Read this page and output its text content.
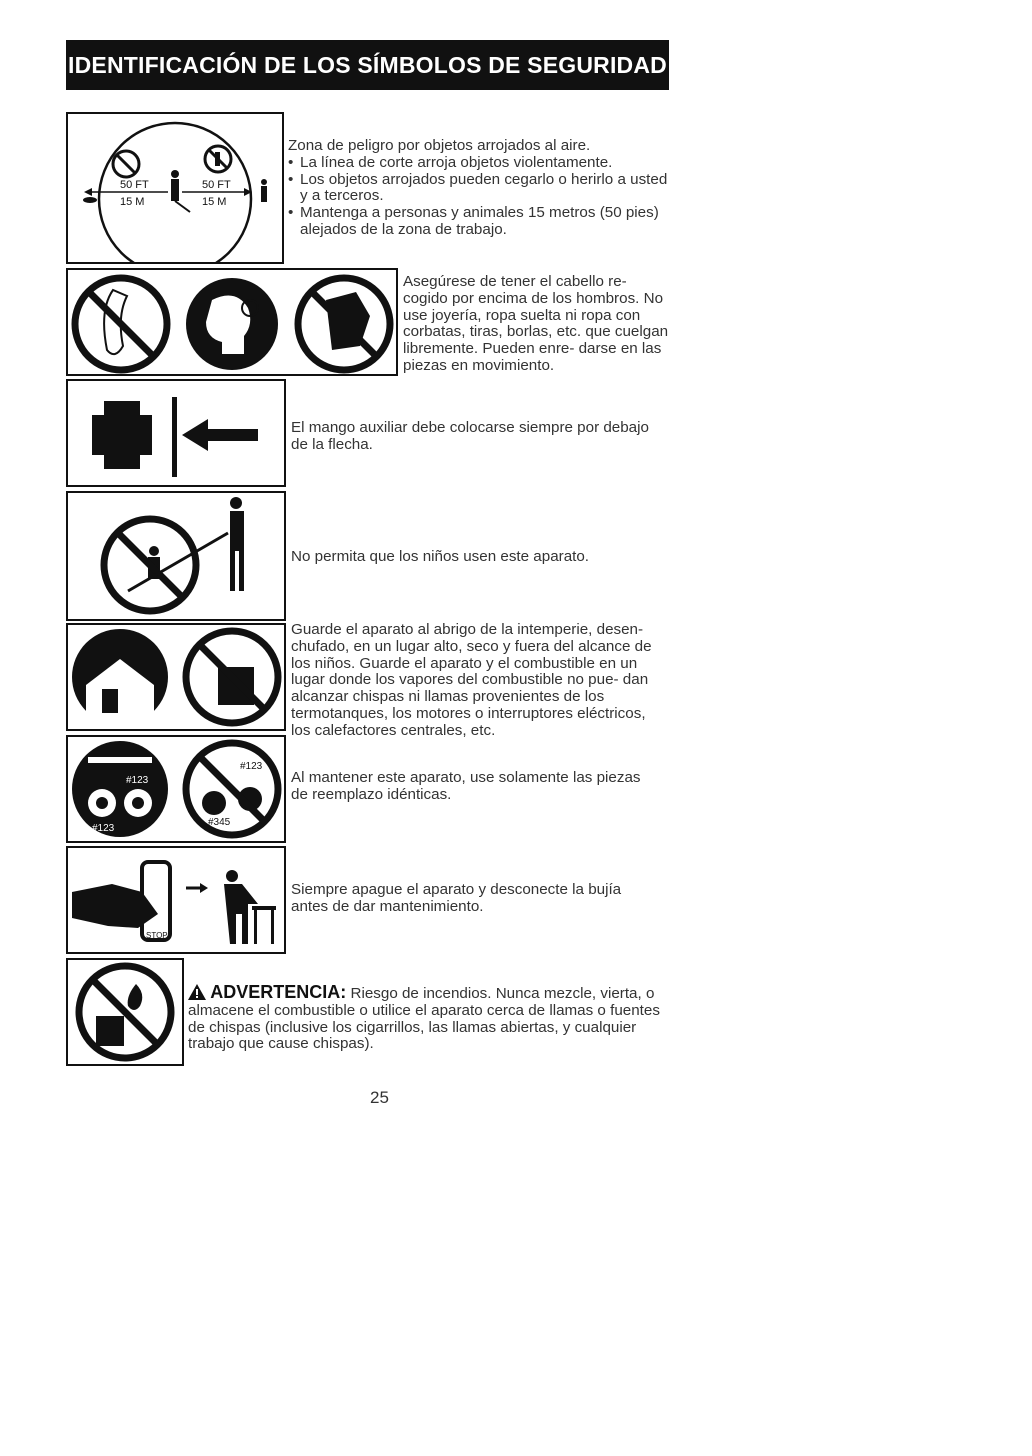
IDENTIFICACIÓN DE LOS SÍMBOLOS DE SEGURIDAD
50 FT
15 M
50 FT
15 M
Zona de peligro por objetos arrojados al aire.
• La línea de corte arroja objetos violentamente.
• Los objetos arrojados pueden cegarlo o herirlo a usted y a terceros.
• Mantenga a personas y animales 15 metros (50 pies) alejados de la zona de trabajo.
Asegúrese de tener el cabello re- cogido por encima de los hombros. No use joyería, ropa suelta ni ropa con corbatas, tiras, borlas, etc. que cuelgan libremente. Pueden enre- darse en las piezas en movimiento.
El mango auxiliar debe colocarse siempre por debajo de la flecha.
No permita que los niños usen este aparato.
Guarde el aparato al abrigo de la intemperie, desen- chufado, en un lugar alto, seco y fuera del alcance de los niños. Guarde el aparato y el combustible en un lugar donde los vapores del combustible no pue- dan alcanzar chispas ni llamas provenientes de los termotanques, los motores o interruptores eléctricos, los calefactores centrales, etc.
#123
#123
#123
#345
Al mantener este aparato, use solamente las piezas de reemplazo idénticas.
STOP
Siempre apague el aparato y desconecte la bujía antes de dar mantenimiento.
ADVERTENCIA: Riesgo de incendios. Nunca mezcle, vierta, o almacene el combustible o utilice el aparato cerca de llamas o fuentes de chispas (inclusive los cigarrillos, las llamas abiertas, y cualquier trabajo que cause chispas).
25
